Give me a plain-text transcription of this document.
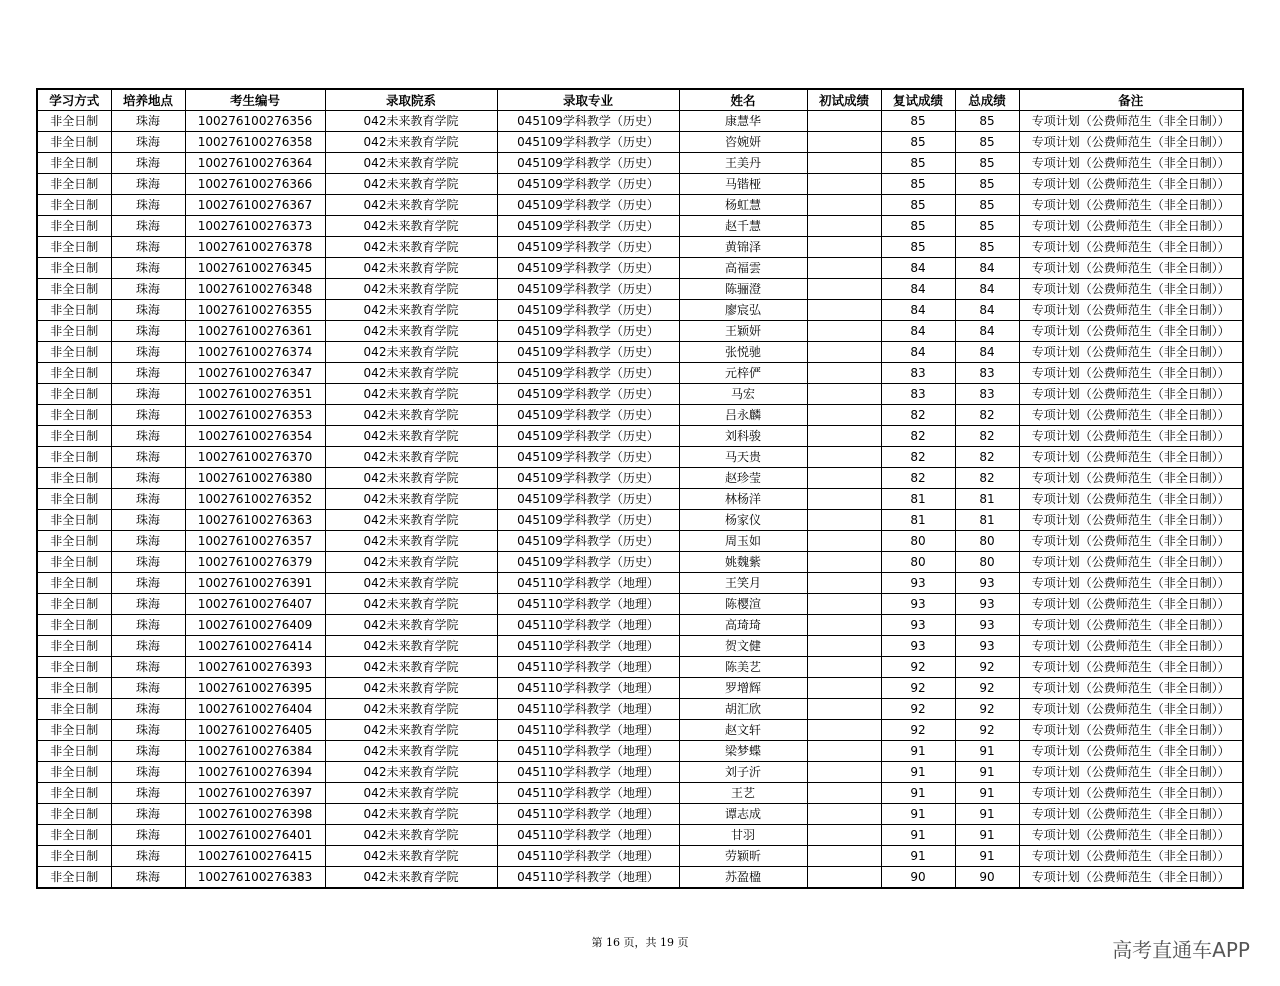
学习方式	培养地点	考生编号	录取院系	录取专业	姓名	初试成绩	复试成绩	总成绩	备注
非全日制	珠海	100276100276356	042未来教育学院	045109学科教学（历史）	康慧华		85	85	专项计划（公费师范生（非全日制））
非全日制	珠海	100276100276358	042未来教育学院	045109学科教学（历史）	咨婉妍		85	85	专项计划（公费师范生（非全日制））
非全日制	珠海	100276100276364	042未来教育学院	045109学科教学（历史）	王美丹		85	85	专项计划（公费师范生（非全日制））
非全日制	珠海	100276100276366	042未来教育学院	045109学科教学（历史）	马锴桠		85	85	专项计划（公费师范生（非全日制））
非全日制	珠海	100276100276367	042未来教育学院	045109学科教学（历史）	杨虹慧		85	85	专项计划（公费师范生（非全日制））
非全日制	珠海	100276100276373	042未来教育学院	045109学科教学（历史）	赵千慧		85	85	专项计划（公费师范生（非全日制））
非全日制	珠海	100276100276378	042未来教育学院	045109学科教学（历史）	黄锦泽		85	85	专项计划（公费师范生（非全日制））
非全日制	珠海	100276100276345	042未来教育学院	045109学科教学（历史）	高福雲		84	84	专项计划（公费师范生（非全日制））
非全日制	珠海	100276100276348	042未来教育学院	045109学科教学（历史）	陈骊澄		84	84	专项计划（公费师范生（非全日制））
非全日制	珠海	100276100276355	042未来教育学院	045109学科教学（历史）	廖宸弘		84	84	专项计划（公费师范生（非全日制））
非全日制	珠海	100276100276361	042未来教育学院	045109学科教学（历史）	王颖妍		84	84	专项计划（公费师范生（非全日制））
非全日制	珠海	100276100276374	042未来教育学院	045109学科教学（历史）	张悦驰		84	84	专项计划（公费师范生（非全日制））
非全日制	珠海	100276100276347	042未来教育学院	045109学科教学（历史）	元梓俨		83	83	专项计划（公费师范生（非全日制））
非全日制	珠海	100276100276351	042未来教育学院	045109学科教学（历史）	马宏		83	83	专项计划（公费师范生（非全日制））
非全日制	珠海	100276100276353	042未来教育学院	045109学科教学（历史）	吕永麟		82	82	专项计划（公费师范生（非全日制））
非全日制	珠海	100276100276354	042未来教育学院	045109学科教学（历史）	刘科骏		82	82	专项计划（公费师范生（非全日制））
非全日制	珠海	100276100276370	042未来教育学院	045109学科教学（历史）	马天贵		82	82	专项计划（公费师范生（非全日制））
非全日制	珠海	100276100276380	042未来教育学院	045109学科教学（历史）	赵珍莹		82	82	专项计划（公费师范生（非全日制））
非全日制	珠海	100276100276352	042未来教育学院	045109学科教学（历史）	林杨洋		81	81	专项计划（公费师范生（非全日制））
非全日制	珠海	100276100276363	042未来教育学院	045109学科教学（历史）	杨家仪		81	81	专项计划（公费师范生（非全日制））
非全日制	珠海	100276100276357	042未来教育学院	045109学科教学（历史）	周玉如		80	80	专项计划（公费师范生（非全日制））
非全日制	珠海	100276100276379	042未来教育学院	045109学科教学（历史）	姚魏紫		80	80	专项计划（公费师范生（非全日制））
非全日制	珠海	100276100276391	042未来教育学院	045110学科教学（地理）	王笑月		93	93	专项计划（公费师范生（非全日制））
非全日制	珠海	100276100276407	042未来教育学院	045110学科教学（地理）	陈樱渲		93	93	专项计划（公费师范生（非全日制））
非全日制	珠海	100276100276409	042未来教育学院	045110学科教学（地理）	高琦琦		93	93	专项计划（公费师范生（非全日制））
非全日制	珠海	100276100276414	042未来教育学院	045110学科教学（地理）	贺文健		93	93	专项计划（公费师范生（非全日制））
非全日制	珠海	100276100276393	042未来教育学院	045110学科教学（地理）	陈美艺		92	92	专项计划（公费师范生（非全日制））
非全日制	珠海	100276100276395	042未来教育学院	045110学科教学（地理）	罗增辉		92	92	专项计划（公费师范生（非全日制））
非全日制	珠海	100276100276404	042未来教育学院	045110学科教学（地理）	胡汇欣		92	92	专项计划（公费师范生（非全日制））
非全日制	珠海	100276100276405	042未来教育学院	045110学科教学（地理）	赵文轩		92	92	专项计划（公费师范生（非全日制））
非全日制	珠海	100276100276384	042未来教育学院	045110学科教学（地理）	梁梦蝶		91	91	专项计划（公费师范生（非全日制））
非全日制	珠海	100276100276394	042未来教育学院	045110学科教学（地理）	刘子沂		91	91	专项计划（公费师范生（非全日制））
非全日制	珠海	100276100276397	042未来教育学院	045110学科教学（地理）	王艺		91	91	专项计划（公费师范生（非全日制））
非全日制	珠海	100276100276398	042未来教育学院	045110学科教学（地理）	谭志成		91	91	专项计划（公费师范生（非全日制））
非全日制	珠海	100276100276401	042未来教育学院	045110学科教学（地理）	甘羽		91	91	专项计划（公费师范生（非全日制））
非全日制	珠海	100276100276415	042未来教育学院	045110学科教学（地理）	劳颖昕		91	91	专项计划（公费师范生（非全日制））
非全日制	珠海	100276100276383	042未来教育学院	045110学科教学（地理）	苏盈楹		90	90	专项计划（公费师范生（非全日制））
第 16 页，共 19 页	高考直通车APP
